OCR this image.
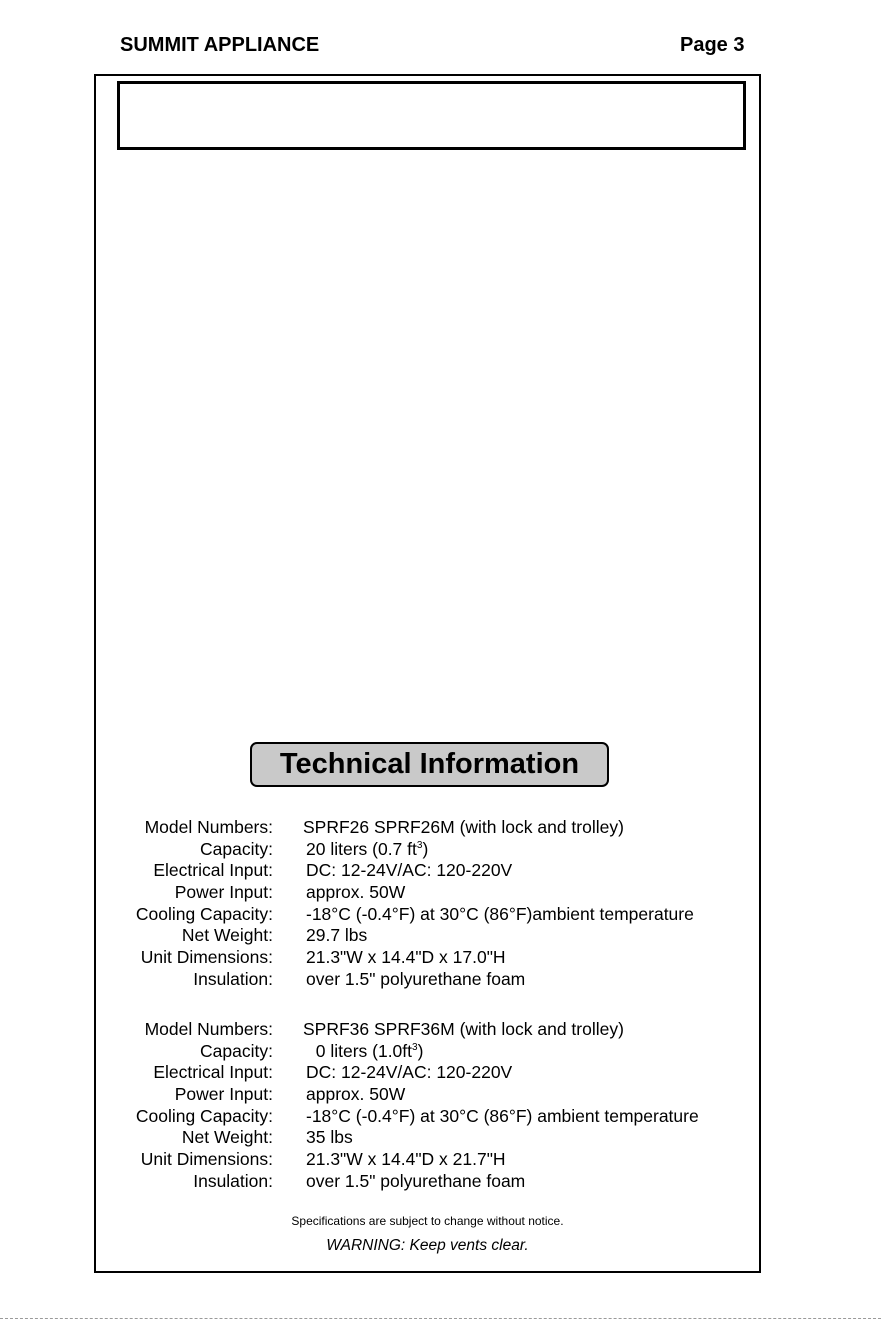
SUMMIT APPLIANCE	Page 3
Technical Information
Model Numbers: SPRF26 SPRF26M (with lock and trolley)
Capacity: 20 liters (0.7 $ft^3$)
Electrical Input: DC: 12-24V/AC: 120-220V
Power Input: approx. 50W
Cooling Capacity: -18°C (-0.4°F) at 30°C (86°F)ambient temperature
Net Weight: 29.7 lbs
Unit Dimensions: 21.3"W x 14.4"D x 17.0"H
Insulation: over 1.5" polyurethane foam
Model Numbers: SPRF36 SPRF36M (with lock and trolley)
Capacity: 0 liters $(1.0ft^3)$
Electrical Input: DC: 12-24V/AC: 120-220V
Power Input: approx. 50W
Cooling Capacity: -18°C (-0.4°F) at 30°C (86°F) ambient temperature
Net Weight: 35 lbs
Unit Dimensions: 21.3"W x 14.4"D x 21.7"H
Insulation: over 1.5" polyurethane foam
Specifications are subject to change without notice.
WARNING: Keep vents clear.
